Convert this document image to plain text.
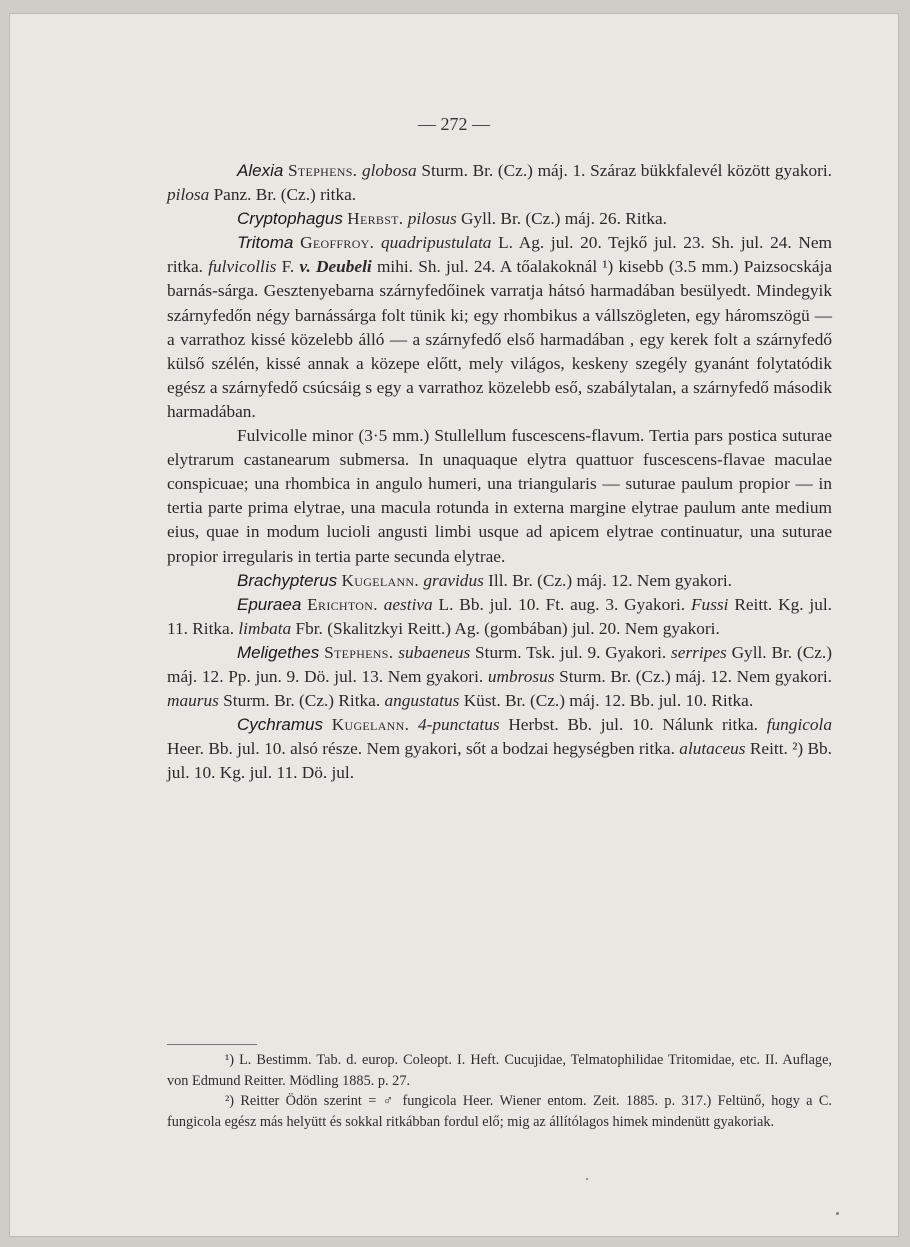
— 272 —

Alexia Stephens. globosa Sturm. Br. (Cz.) máj. 1. Száraz bükkfalevél között gyakori. pilosa Panz. Br. (Cz.) ritka.

Cryptophagus Herbst. pilosus Gyll. Br. (Cz.) máj. 26. Ritka.

Tritoma Geoffroy. quadripustulata L. Ag. jul. 20. Tejkő jul. 23. Sh. jul. 24. Nem ritka. fulvicollis F. v. Deubeli mihi. Sh. jul. 24. A tőalakoknál ¹) kisebb (3.5 mm.) Paizsocskája barnás-sárga. Gesztenyebarna szárnyfedőinek varratja hátsó harmadában besülyedt. Mindegyik szárnyfedőn négy barnássárga folt tünik ki; egy rhombikus a vállszögleten, egy háromszögü — a varrathoz kissé közelebb álló — a szárnyfedő első harmadában , egy kerek folt a szárnyfedő külső szélén, kissé annak a közepe előtt, mely világos, keskeny szegély gyanánt folytatódik egész a szárnyfedő csúcsáig s egy a varrathoz közelebb eső, szabálytalan, a szárnyfedő második harmadában.

Fulvicolle minor (3·5 mm.) Stullellum fuscescens-flavum. Tertia pars postica suturae elytrarum castanearum submersa. In unaquaque elytra quattuor fuscescens-flavae maculae conspicuae; una rhombica in angulo humeri, una triangularis — suturae paulum propior — in tertia parte prima elytrae, una macula rotunda in externa margine elytrae paulum ante medium eius, quae in modum lucioli angusti limbi usque ad apicem elytrae continuatur, una suturae propior irregularis in tertia parte secunda elytrae.

Brachypterus Kugelann. gravidus Ill. Br. (Cz.) máj. 12. Nem gyakori.

Epuraea Erichton. aestiva L. Bb. jul. 10. Ft. aug. 3. Gyakori. Fussi Reitt. Kg. jul. 11. Ritka. limbata Fbr. (Skalitzkyi Reitt.) Ag. (gombában) jul. 20. Nem gyakori.

Meligethes Stephens. subaeneus Sturm. Tsk. jul. 9. Gyakori. serripes Gyll. Br. (Cz.) máj. 12. Pp. jun. 9. Dö. jul. 13. Nem gyakori. umbrosus Sturm. Br. (Cz.) máj. 12. Nem gyakori. maurus Sturm. Br. (Cz.) Ritka. angustatus Küst. Br. (Cz.) máj. 12. Bb. jul. 10. Ritka.

Cychramus Kugelann. 4-punctatus Herbst. Bb. jul. 10. Nálunk ritka. fungicola Heer. Bb. jul. 10. alsó része. Nem gyakori, sőt a bodzai hegységben ritka. alutaceus Reitt. ²) Bb. jul. 10. Kg. jul. 11. Dö. jul.

¹) L. Bestimm. Tab. d. europ. Coleopt. I. Heft. Cucujidae, Telmatophilidae Tritomidae, etc. II. Auflage, von Edmund Reitter. Mödling 1885. p. 27.

²) Reitter Ödön szerint = ♂ fungicola Heer. Wiener entom. Zeit. 1885. p. 317.) Feltünő, hogy a C. fungicola egész más helyütt és sokkal ritkábban fordul elő; mig az állítólagos himek mindenütt gyakoriak.
